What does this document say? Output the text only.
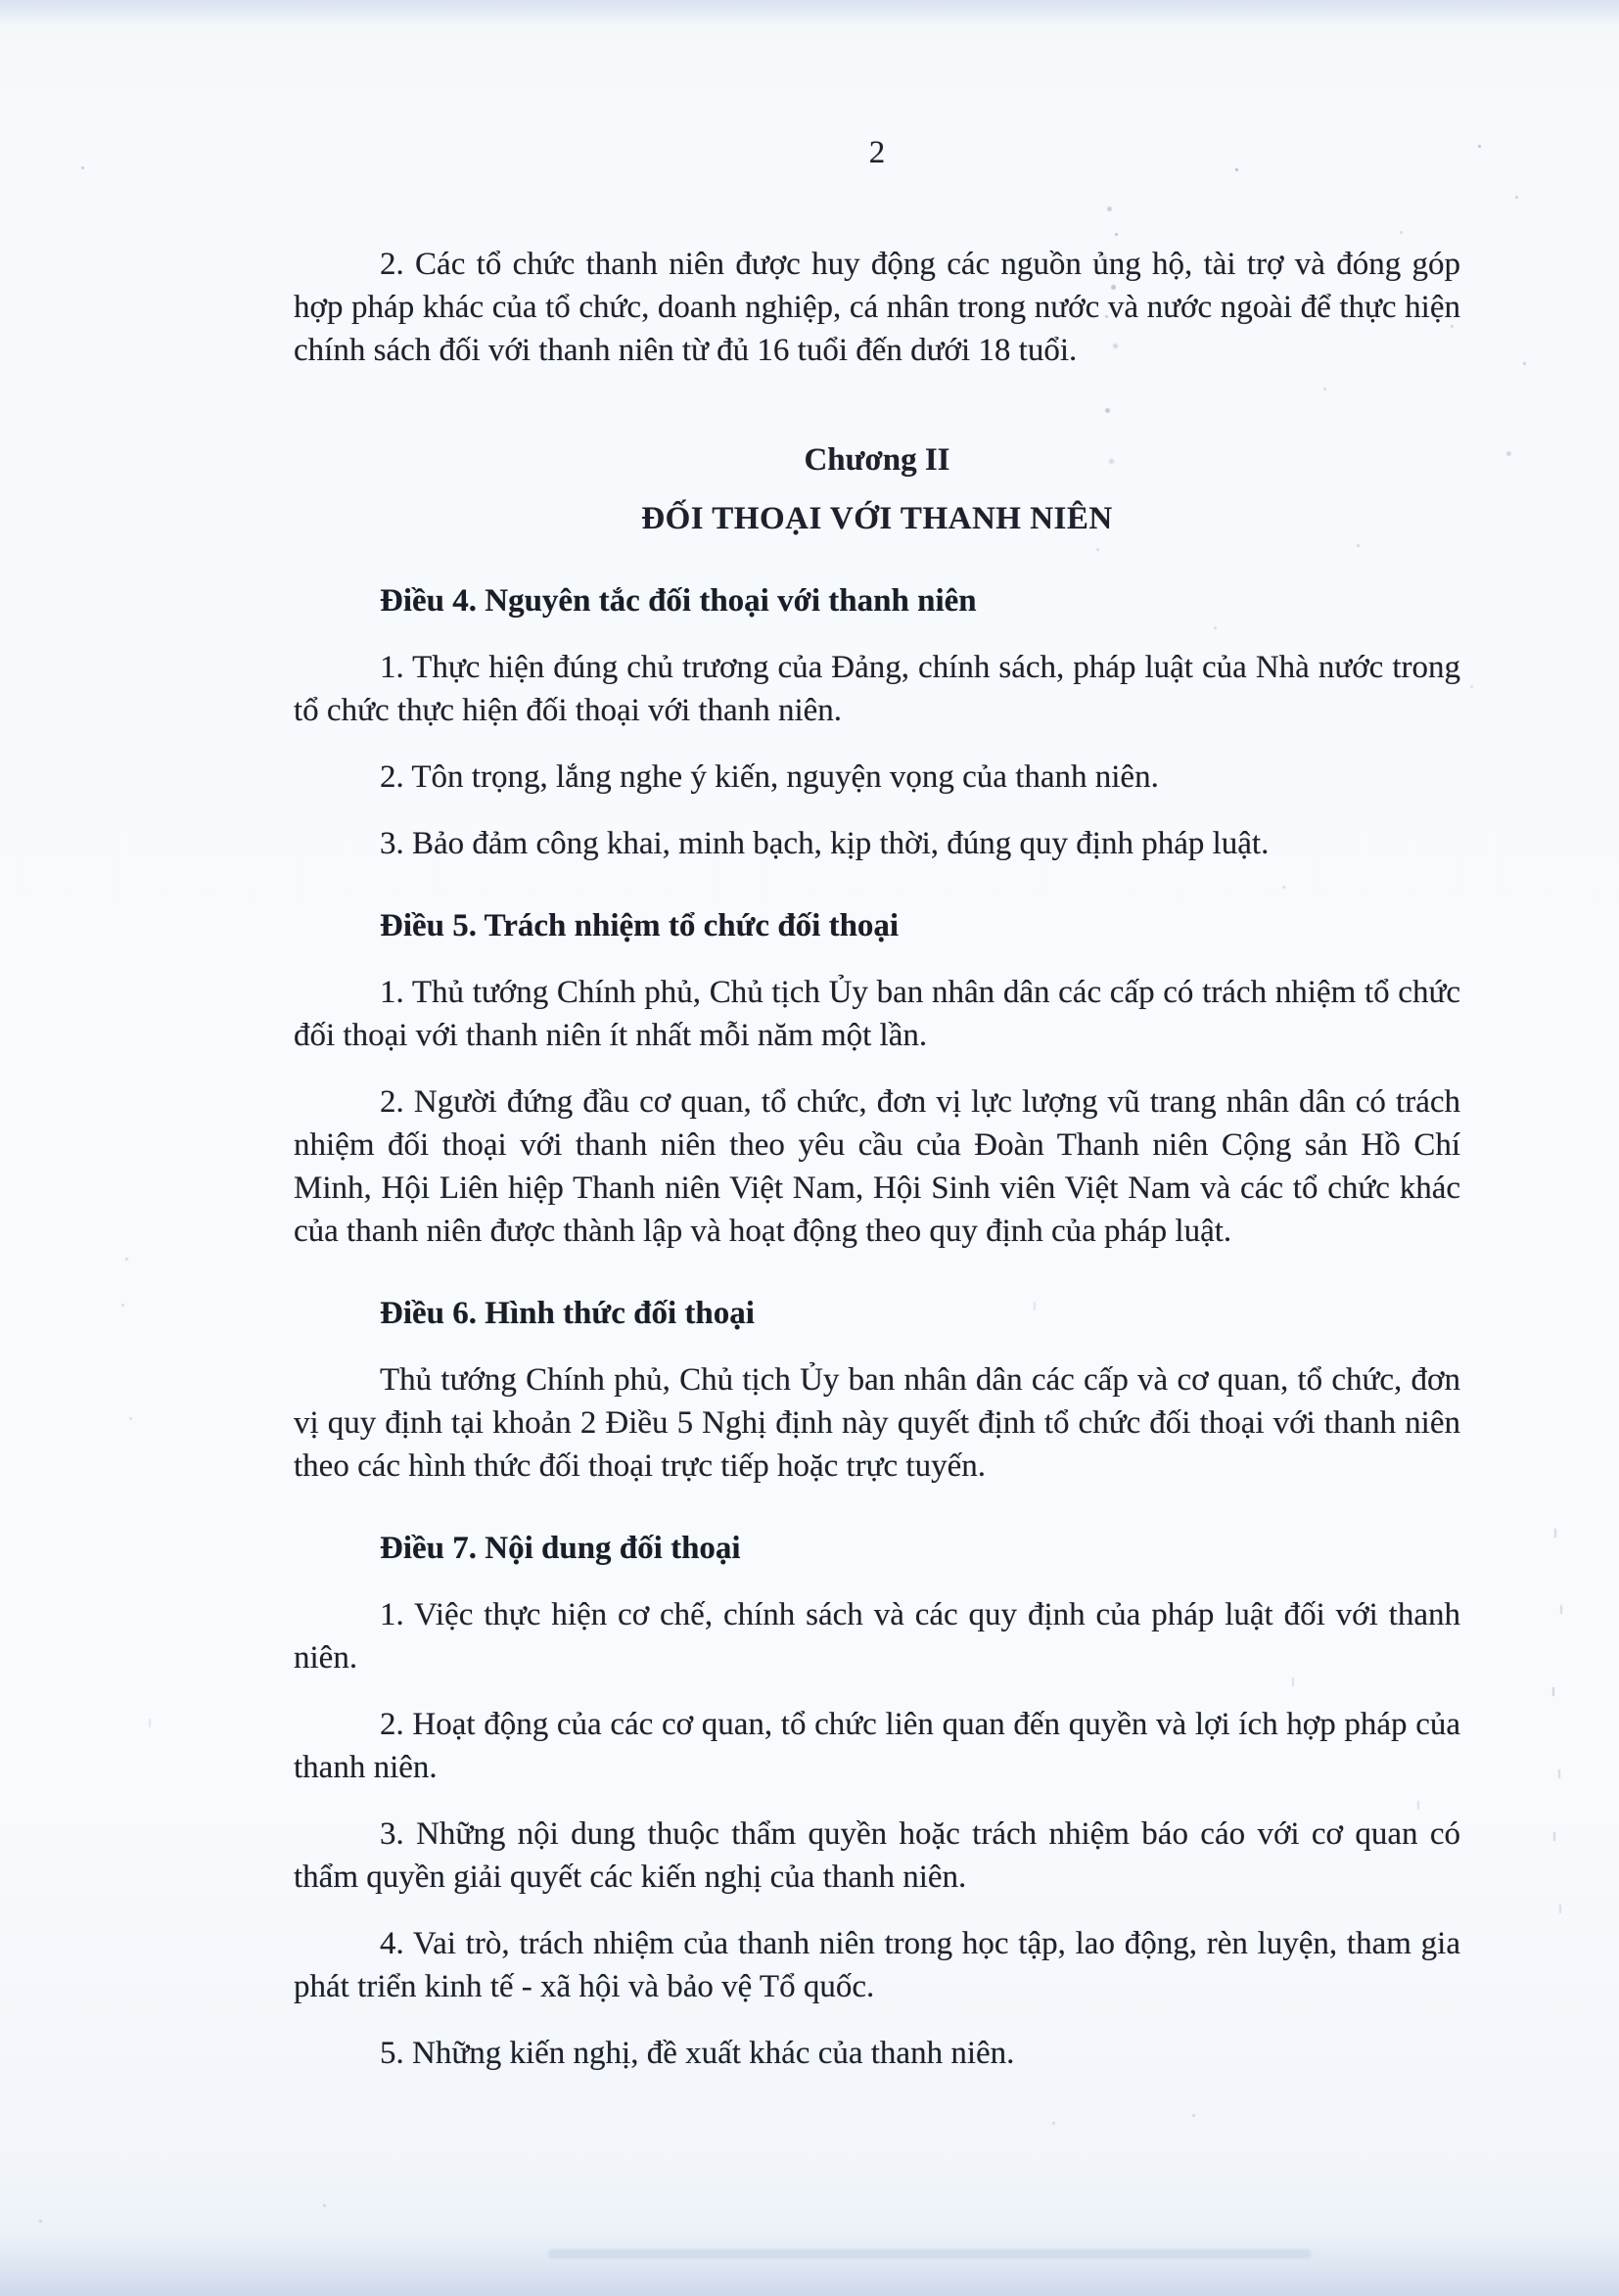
2

2. Các tổ chức thanh niên được huy động các nguồn ủng hộ, tài trợ và đóng góp hợp pháp khác của tổ chức, doanh nghiệp, cá nhân trong nước và nước ngoài để thực hiện chính sách đối với thanh niên từ đủ 16 tuổi đến dưới 18 tuổi.

Chương II
ĐỐI THOẠI VỚI THANH NIÊN
Điều 4. Nguyên tắc đối thoại với thanh niên

1. Thực hiện đúng chủ trương của Đảng, chính sách, pháp luật của Nhà nước trong tổ chức thực hiện đối thoại với thanh niên.

2. Tôn trọng, lắng nghe ý kiến, nguyện vọng của thanh niên.

3. Bảo đảm công khai, minh bạch, kịp thời, đúng quy định pháp luật.

Điều 5. Trách nhiệm tổ chức đối thoại

1. Thủ tướng Chính phủ, Chủ tịch Ủy ban nhân dân các cấp có trách nhiệm tổ chức đối thoại với thanh niên ít nhất mỗi năm một lần.

2. Người đứng đầu cơ quan, tổ chức, đơn vị lực lượng vũ trang nhân dân có trách nhiệm đối thoại với thanh niên theo yêu cầu của Đoàn Thanh niên Cộng sản Hồ Chí Minh, Hội Liên hiệp Thanh niên Việt Nam, Hội Sinh viên Việt Nam và các tổ chức khác của thanh niên được thành lập và hoạt động theo quy định của pháp luật.

Điều 6. Hình thức đối thoại

Thủ tướng Chính phủ, Chủ tịch Ủy ban nhân dân các cấp và cơ quan, tổ chức, đơn vị quy định tại khoản 2 Điều 5 Nghị định này quyết định tổ chức đối thoại với thanh niên theo các hình thức đối thoại trực tiếp hoặc trực tuyến.

Điều 7. Nội dung đối thoại

1. Việc thực hiện cơ chế, chính sách và các quy định của pháp luật đối với thanh niên.

2. Hoạt động của các cơ quan, tổ chức liên quan đến quyền và lợi ích hợp pháp của thanh niên.

3. Những nội dung thuộc thẩm quyền hoặc trách nhiệm báo cáo với cơ quan có thẩm quyền giải quyết các kiến nghị của thanh niên.

4. Vai trò, trách nhiệm của thanh niên trong học tập, lao động, rèn luyện, tham gia phát triển kinh tế - xã hội và bảo vệ Tổ quốc.

5. Những kiến nghị, đề xuất khác của thanh niên.
